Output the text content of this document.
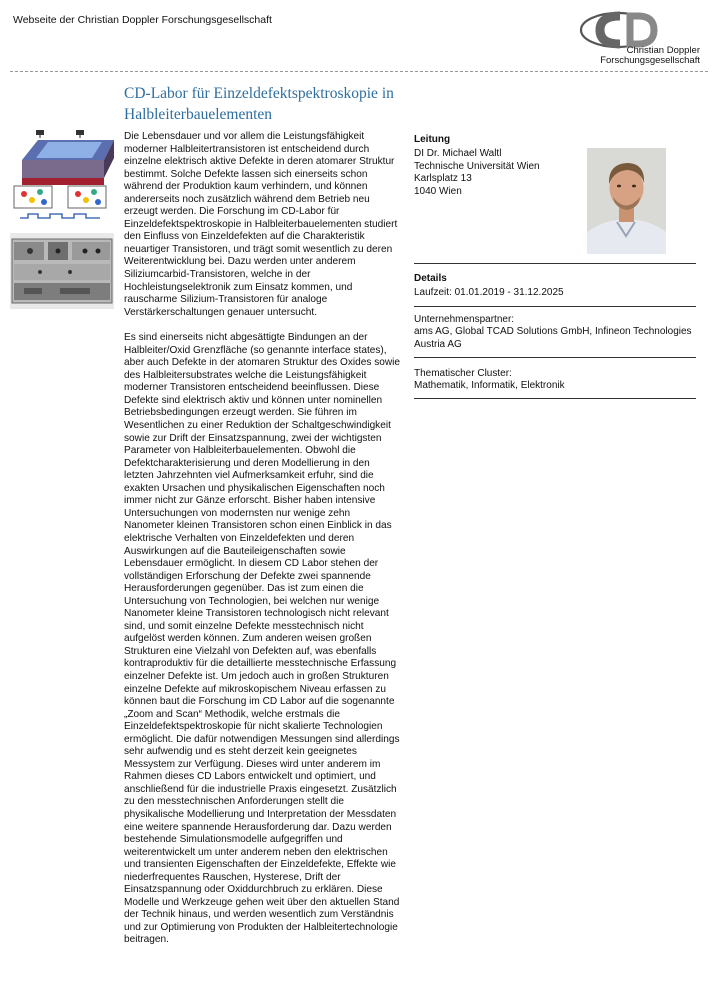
Webseite der Christian Doppler Forschungsgesellschaft
Christian Doppler
Forschungsgesellschaft
CD-Labor für Einzeldefektspektroskopie in Halbleiterbauelementen

Die Lebensdauer und vor allem die Leistungsfähigkeit moderner Halbleitertransistoren ist entscheidend durch einzelne elektrisch aktive Defekte in deren atomarer Struktur bestimmt. Solche Defekte lassen sich einerseits schon während der Produktion kaum verhindern, und können andererseits noch zusätzlich während dem Betrieb neu erzeugt werden. Die Forschung im CD-Labor für Einzeldefektspektroskopie in Halbleiterbauelementen studiert den Einfluss von Einzeldefekten auf die Charakteristik neuartiger Transistoren, und trägt somit wesentlich zu deren Weiterentwicklung bei. Dazu werden unter anderem Siliziumcarbid-Transistoren, welche in der Hochleistungselektronik zum Einsatz kommen, und rauscharme Silizium-Transistoren für analoge Verstärkerschaltungen genauer untersucht.

Es sind einerseits nicht abgesättigte Bindungen an der Halbleiter/Oxid Grenzfläche (so genannte interface states), aber auch Defekte in der atomaren Struktur des Oxides sowie des Halbleitersubstrates welche die Leistungsfähigkeit moderner Transistoren entscheidend beeinflussen. Diese Defekte sind elektrisch aktiv und können unter nominellen Betriebsbedingungen erzeugt werden. Sie führen im Wesentlichen zu einer Reduktion der Schaltgeschwindigkeit sowie zur Drift der Einsatzspannung, zwei der wichtigsten Parameter von Halbleiterbauelementen. Obwohl die Defektcharakterisierung und deren Modellierung in den letzten Jahrzehnten viel Aufmerksamkeit erfuhr, sind die exakten Ursachen und physikalischen Eigenschaften noch immer nicht zur Gänze erforscht. Bisher haben intensive Untersuchungen von modernsten nur wenige zehn Nanometer kleinen Transistoren schon einen Einblick in das elektrische Verhalten von Einzeldefekten und deren Auswirkungen auf die Bauteileigenschaften sowie Lebensdauer ermöglicht. In diesem CD Labor stehen der vollständigen Erforschung der Defekte zwei spannende Herausforderungen gegenüber. Das ist zum einen die Untersuchung von Technologien, bei welchen nur wenige Nanometer kleine Transistoren technologisch nicht relevant sind, und somit einzelne Defekte messtechnisch nicht aufgelöst werden können. Zum anderen weisen großen Strukturen eine Vielzahl von Defekten auf, was ebenfalls kontraproduktiv für die detaillierte messtechnische Erfassung einzelner Defekte ist. Um jedoch auch in großen Strukturen einzelne Defekte auf mikroskopischem Niveau erfassen zu können baut die Forschung im CD Labor auf die sogenannte „Zoom and Scan“ Methodik, welche erstmals die Einzeldefektspektroskopie für nicht skalierte Technologien ermöglicht. Die dafür notwendigen Messungen sind allerdings sehr aufwendig und es steht derzeit kein geeignetes Messystem zur Verfügung. Dieses wird unter anderem im Rahmen dieses CD Labors entwickelt und optimiert, und anschließend für die industrielle Praxis eingesetzt. Zusätzlich zu den messtechnischen Anforderungen stellt die physikalische Modellierung und Interpretation der Messdaten eine weitere spannende Herausforderung dar. Dazu werden bestehende Simulationsmodelle aufgegriffen und weiterentwickelt um unter anderem neben den elektrischen und transienten Eigenschaften der Einzeldefekte, Effekte wie niederfrequentes Rauschen, Hysterese, Drift der Einsatzspannung oder Oxiddurchbruch zu erklären. Diese Modelle und Werkzeuge gehen weit über den aktuellen Stand der Technik hinaus, und werden wesentlich zum Verständnis und zur Optimierung von Produkten der Halbleitertechnologie beitragen.

Leitung
DI Dr. Michael Waltl
Technische Universität Wien
Karlsplatz 13
1040 Wien
Details
Laufzeit: 01.01.2019 - 31.12.2025
Unternehmenspartner:
ams AG, Global TCAD Solutions GmbH, Infineon Technologies Austria AG
Thematischer Cluster:
Mathematik, Informatik, Elektronik
